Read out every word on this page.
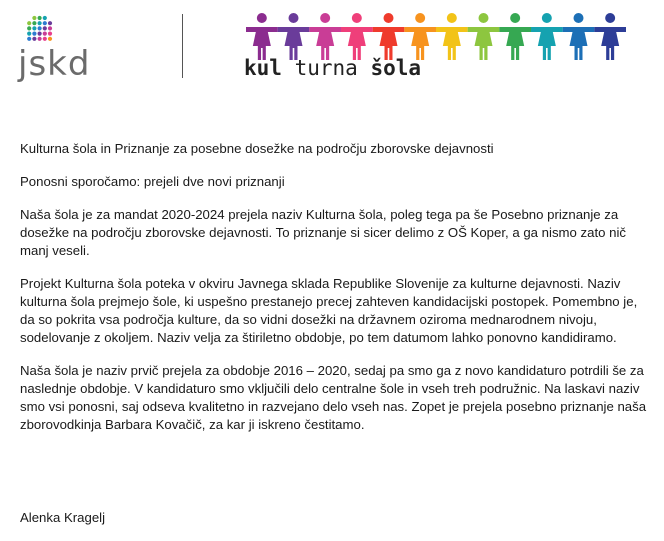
jskd	kul turna šola

Kulturna šola in Priznanje za posebne dosežke na področju zborovske dejavnosti

Ponosni sporočamo: prejeli dve novi priznanji

Naša šola je za mandat 2020-2024 prejela naziv Kulturna šola, poleg tega pa še Posebno priznanje za dosežke na področju zborovske dejavnosti. To priznanje si sicer delimo z OŠ Koper, a ga nismo zato nič manj veseli.

Projekt Kulturna šola poteka v okviru Javnega sklada Republike Slovenije za kulturne dejavnosti. Naziv kulturna šola prejmejo šole, ki uspešno prestanejo precej zahteven kandidacijski postopek. Pomembno je, da so pokrita vsa področja kulture, da so vidni dosežki na državnem oziroma mednarodnem nivoju, sodelovanje z okoljem. Naziv velja za štiriletno obdobje, po tem datumom lahko ponovno kandidiramo.

Naša šola je naziv prvič prejela za obdobje 2016 – 2020, sedaj pa smo ga z novo kandidaturo potrdili še za naslednje obdobje. V kandidaturo smo vključili delo centralne šole in vseh treh podružnic. Na laskavi naziv smo vsi ponosni, saj odseva kvalitetno in razvejano delo vseh nas. Zopet je prejela posebno priznanje naša zborovodkinja Barbara Kovačič, za kar ji iskreno čestitamo.

Alenka Kragelj
